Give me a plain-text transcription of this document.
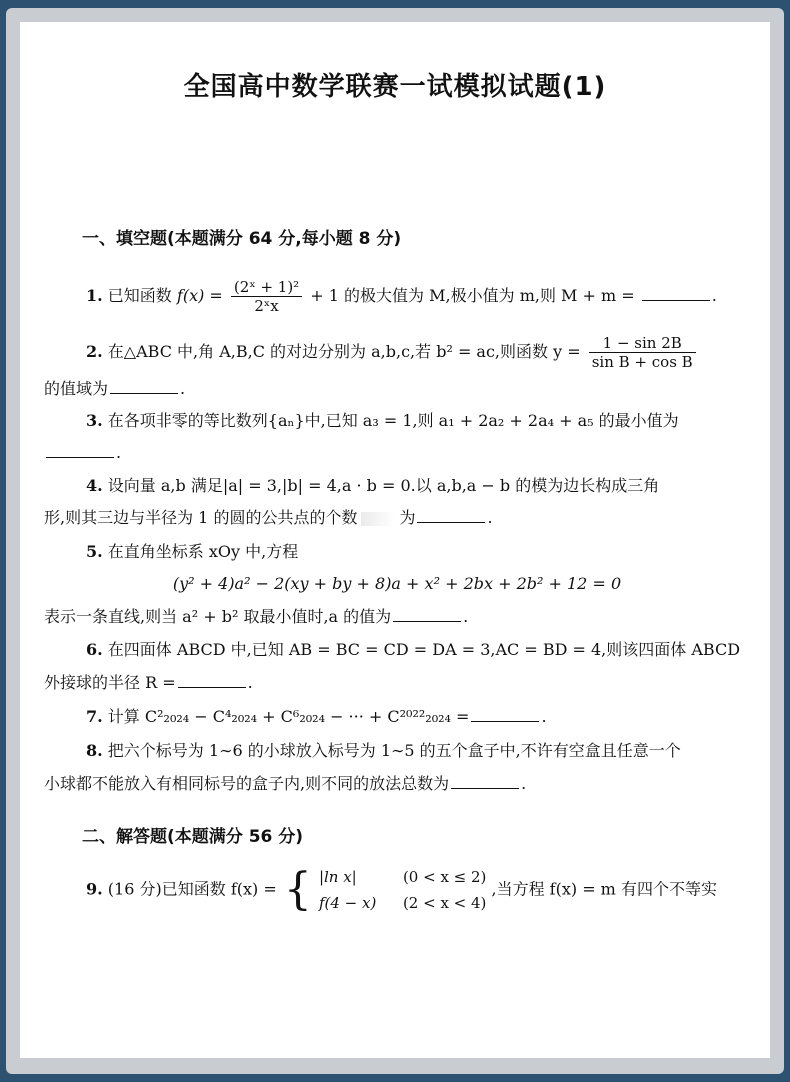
全国高中数学联赛一试模拟试题(1)
一、填空题(本题满分 64 分,每小题 8 分)
1. 已知函数 $f(x) = \frac{\text{(2ˣ + 1)²}}{\text{2ˣx}} + 1$ 的极大值为 M,极小值为 m,则 M + m =	.
2. 在△ABC 中,角 A,B,C 的对边分别为 a,b,c,若 b² = ac,则函数 $y = \frac{1 - \sin 2B}{\text{sin B + cos B}}$
的值域为	.
3. 在各项非零的等比数列{aₙ}中,已知 a₃ = 1,则 a₁ + 2a₂ + 2a₄ + a₅ 的最小值为
.
4. 设向量 a,b 满足|a| = 3,|b| = 4,a · b = 0.以 a,b,a − b 的模为边长构成三角
形,则其三边与半径为 1 的圆的公共点的个数	为	.
5. 在直角坐标系 xOy 中,方程
(y² + 4)a² − 2(xy + by + 8)a + x² + 2bx + 2b² + 12 = 0
表示一条直线,则当 a² + b² 取最小值时,a 的值为	.
6. 在四面体 ABCD 中,已知 AB = BC = CD = DA = 3,AC = BD = 4,则该四面体 ABCD
外接球的半径 R =	.
7. 计算 C²₂₀₂₄ − C⁴₂₀₂₄ + C⁶₂₀₂₄ − ··· + C²⁰²²₂₀₂₄ =	.
8. 把六个标号为 1∼6 的小球放入标号为 1∼5 的五个盒子中,不许有空盒且任意一个
小球都不能放入有相同标号的盒子内,则不同的放法总数为	.
二、解答题(本题满分 56 分)
9. (16 分)已知函数 f(x) = { |ln x|	(0 < x ≤ 2)
f(4 − x) (2 < x < 4) ,当方程 f(x) = m 有四个不等实
